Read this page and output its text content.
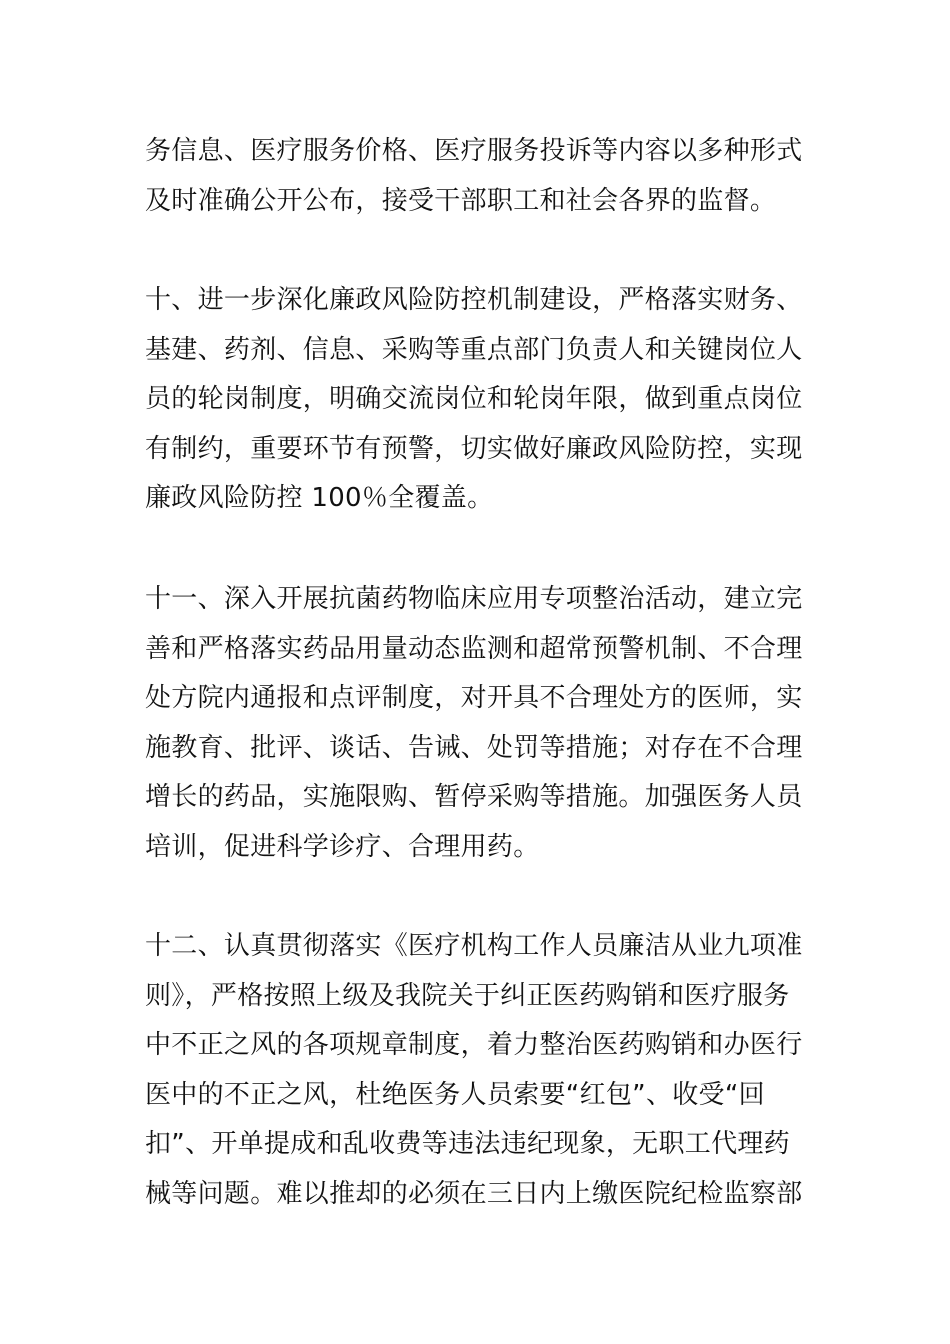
务信息、医疗服务价格、医疗服务投诉等内容以多种形式
及时准确公开公布，接受干部职工和社会各界的监督。
十、进一步深化廉政风险防控机制建设，严格落实财务、
基建、药剂、信息、采购等重点部门负责人和关键岗位人
员的轮岗制度，明确交流岗位和轮岗年限，做到重点岗位
有制约，重要环节有预警，切实做好廉政风险防控，实现
廉政风险防控 100％全覆盖。
十一、深入开展抗菌药物临床应用专项整治活动，建立完
善和严格落实药品用量动态监测和超常预警机制、不合理
处方院内通报和点评制度，对开具不合理处方的医师，实
施教育、批评、谈话、告诫、处罚等措施；对存在不合理
增长的药品，实施限购、暂停采购等措施。加强医务人员
培训，促进科学诊疗、合理用药。
十二、认真贯彻落实《医疗机构工作人员廉洁从业九项准
则》，严格按照上级及我院关于纠正医药购销和医疗服务
中不正之风的各项规章制度，着力整治医药购销和办医行
医中的不正之风，杜绝医务人员索要“红包”、收受“回
扣”、开单提成和乱收费等违法违纪现象，无职工代理药
械等问题。难以推却的必须在三日内上缴医院纪检监察部
